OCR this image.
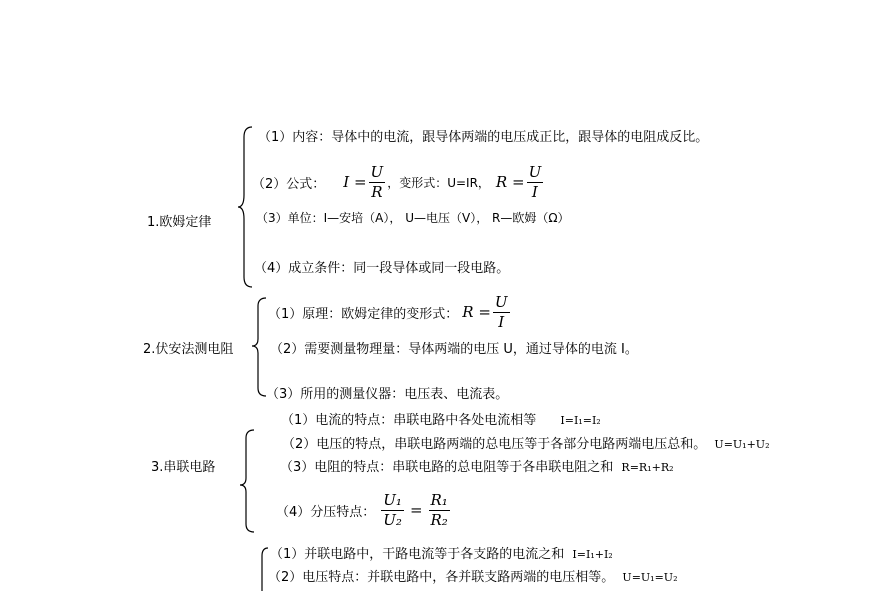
1.欧姆定律
（1）内容：导体中的电流，跟导体两端的电压成正比，跟导体的电阻成反比。
（2）公式： $I = \frac{U}{R}$ ，变形式：U=IR， $R = \frac{U}{I}$
（3）单位：I—安培（A）， U—电压（V）， R—欧姆（Ω）
（4）成立条件：同一段导体或同一段电路。
2.伏安法测电阻
（1）原理：欧姆定律的变形式： $R = \frac{U}{I}$
（2）需要测量物理量：导体两端的电压 U，通过导体的电流 I。
（3）所用的测量仪器：电压表、电流表。
3.串联电路
（1）电流的特点：串联电路中各处电流相等 I=I₁=I₂
（2）电压的特点，串联电路两端的总电压等于各部分电路两端电压总和。 U=U₁+U₂
（3）电阻的特点：串联电路的总电阻等于各串联电阻之和 R=R₁+R₂
（4）分压特点： $\frac{\text{U₁}}{\text{U₂}} = \frac{\text{R₁}}{\text{R₂}}$
（1）并联电路中，干路电流等于各支路的电流之和 I=I₁+I₂
（2）电压特点：并联电路中，各并联支路两端的电压相等。 U=U₁=U₂
